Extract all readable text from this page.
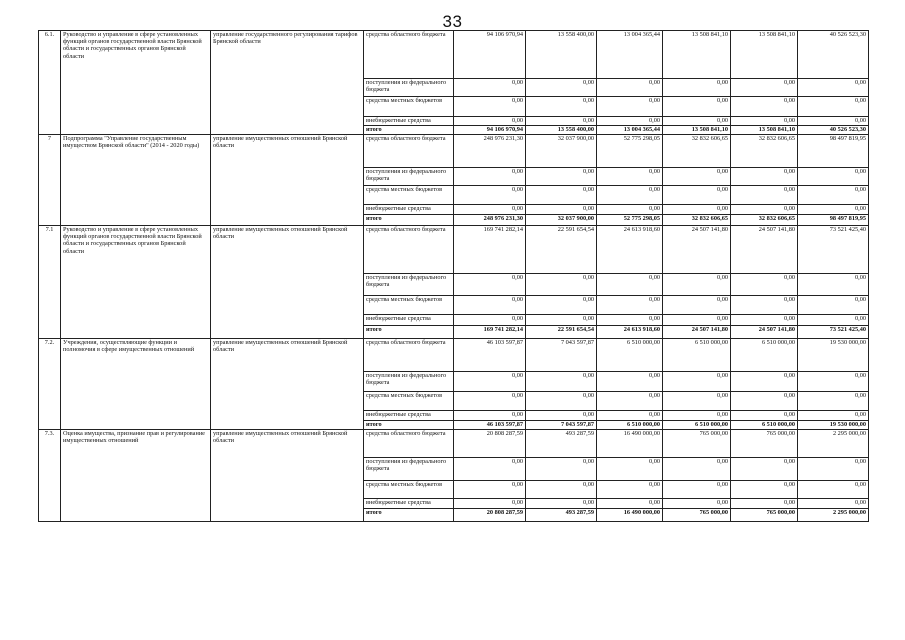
33
6.1.	Руководство и управление в сфере установленных функций органов государственной власти Брянской области и государственных органов Брянской области	управление государственного регулирования тарифов Брянской области	средства областного бюджета	94 106 970,94	13 558 400,00	13 004 365,44	13 508 841,10	13 508 841,10	40 526 523,30
			поступления из федерального бюджета	0,00	0,00	0,00	0,00	0,00	0,00
			средства местных бюджетов	0,00	0,00	0,00	0,00	0,00	0,00
			внебюджетные средства	0,00	0,00	0,00	0,00	0,00	0,00
			итого	94 106 970,94	13 558 400,00	13 004 365,44	13 508 841,10	13 508 841,10	40 526 523,30
7	Подпрограмма "Управление государственным имуществом Брянской области" (2014 - 2020 годы)	управление имущественных отношений Брянской области	средства областного бюджета	248 976 231,30	32 037 900,00	52 775 298,05	32 832 606,65	32 832 606,65	98 497 819,95
			поступления из федерального бюджета	0,00	0,00	0,00	0,00	0,00	0,00
			средства местных бюджетов	0,00	0,00	0,00	0,00	0,00	0,00
			внебюджетные средства	0,00	0,00	0,00	0,00	0,00	0,00
			итого	248 976 231,30	32 037 900,00	52 775 298,05	32 832 606,65	32 832 606,65	98 497 819,95
7.1	Руководство и управление в сфере установленных функций органов государственной власти Брянской области и государственных органов Брянской области	управление имущественных отношений Брянской области	средства областного бюджета	169 741 282,14	22 591 654,54	24 613 918,60	24 507 141,80	24 507 141,80	73 521 425,40
			поступления из федерального бюджета	0,00	0,00	0,00	0,00	0,00	0,00
			средства местных бюджетов	0,00	0,00	0,00	0,00	0,00	0,00
			внебюджетные средства	0,00	0,00	0,00	0,00	0,00	0,00
			итого	169 741 282,14	22 591 654,54	24 613 918,60	24 507 141,80	24 507 141,80	73 521 425,40
7.2.	Учреждения, осуществляющие функции и полномочия в сфере имущественных отношений	управление имущественных отношений Брянской области	средства областного бюджета	46 103 597,87	7 043 597,87	6 510 000,00	6 510 000,00	6 510 000,00	19 530 000,00
			поступления из федерального бюджета	0,00	0,00	0,00	0,00	0,00	0,00
			средства местных бюджетов	0,00	0,00	0,00	0,00	0,00	0,00
			внебюджетные средства	0,00	0,00	0,00	0,00	0,00	0,00
			итого	46 103 597,87	7 043 597,87	6 510 000,00	6 510 000,00	6 510 000,00	19 530 000,00
7.3.	Оценка имущества, признание прав и регулирование имущественных отношений	управление имущественных отношений Брянской области	средства областного бюджета	20 808 287,59	493 287,59	16 490 000,00	765 000,00	765 000,00	2 295 000,00
			поступления из федерального бюджета	0,00	0,00	0,00	0,00	0,00	0,00
			средства местных бюджетов	0,00	0,00	0,00	0,00	0,00	0,00
			внебюджетные средства	0,00	0,00	0,00	0,00	0,00	0,00
			итого	20 808 287,59	493 287,59	16 490 000,00	765 000,00	765 000,00	2 295 000,00
